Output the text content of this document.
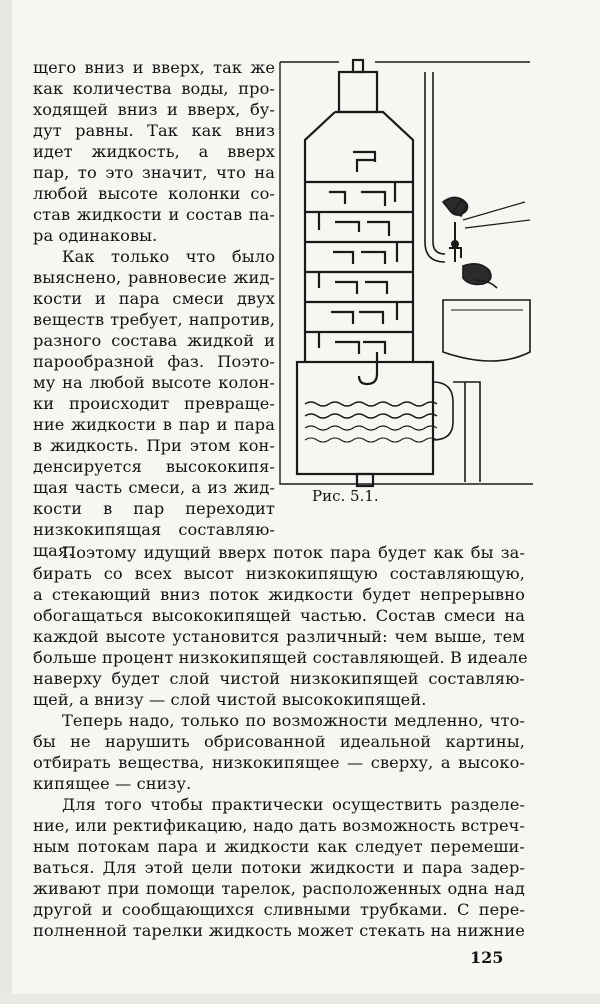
щего вниз и вверх, так же
как количества воды, про-
ходящей вниз и вверх, бу-
дут равны. Так как вниз
идет жидкость, а вверх
пар, то это значит, что на
любой высоте колонки со-
став жидкости и состав па-
ра одинаковы.
Как только что было
выяснено, равновесие жид-
кости и пара смеси двух
веществ требует, напротив,
разного состава жидкой и
парообразной фаз. Поэто-
му на любой высоте колон-
ки происходит превраще-
ние жидкости в пар и пара
в жидкость. При этом кон-
денсируется высококипя-
щая часть смеси, а из жид-
кости в пар переходит
низкокипящая составляю-
щая.
Рис. 5.1.
Поэтому идущий вверх поток пара будет как бы за-
бирать со всех высот низкокипящую составляющую,
а стекающий вниз поток жидкости будет непрерывно
обогащаться высококипящей частью. Состав смеси на
каждой высоте установится различный: чем выше, тем
больше процент низкокипящей составляющей. В идеале
наверху будет слой чистой низкокипящей составляю-
щей, а внизу — слой чистой высококипящей.
Теперь надо, только по возможности медленно, что-
бы не нарушить обрисованной идеальной картины,
отбирать вещества, низкокипящее — сверху, а высоко-
кипящее — снизу.
Для того чтобы практически осуществить разделе-
ние, или ректификацию, надо дать возможность встреч-
ным потокам пара и жидкости как следует перемеши-
ваться. Для этой цели потоки жидкости и пара задер-
живают при помощи тарелок, расположенных одна над
другой и сообщающихся сливными трубками. С пере-
полненной тарелки жидкость может стекать на нижние
125
